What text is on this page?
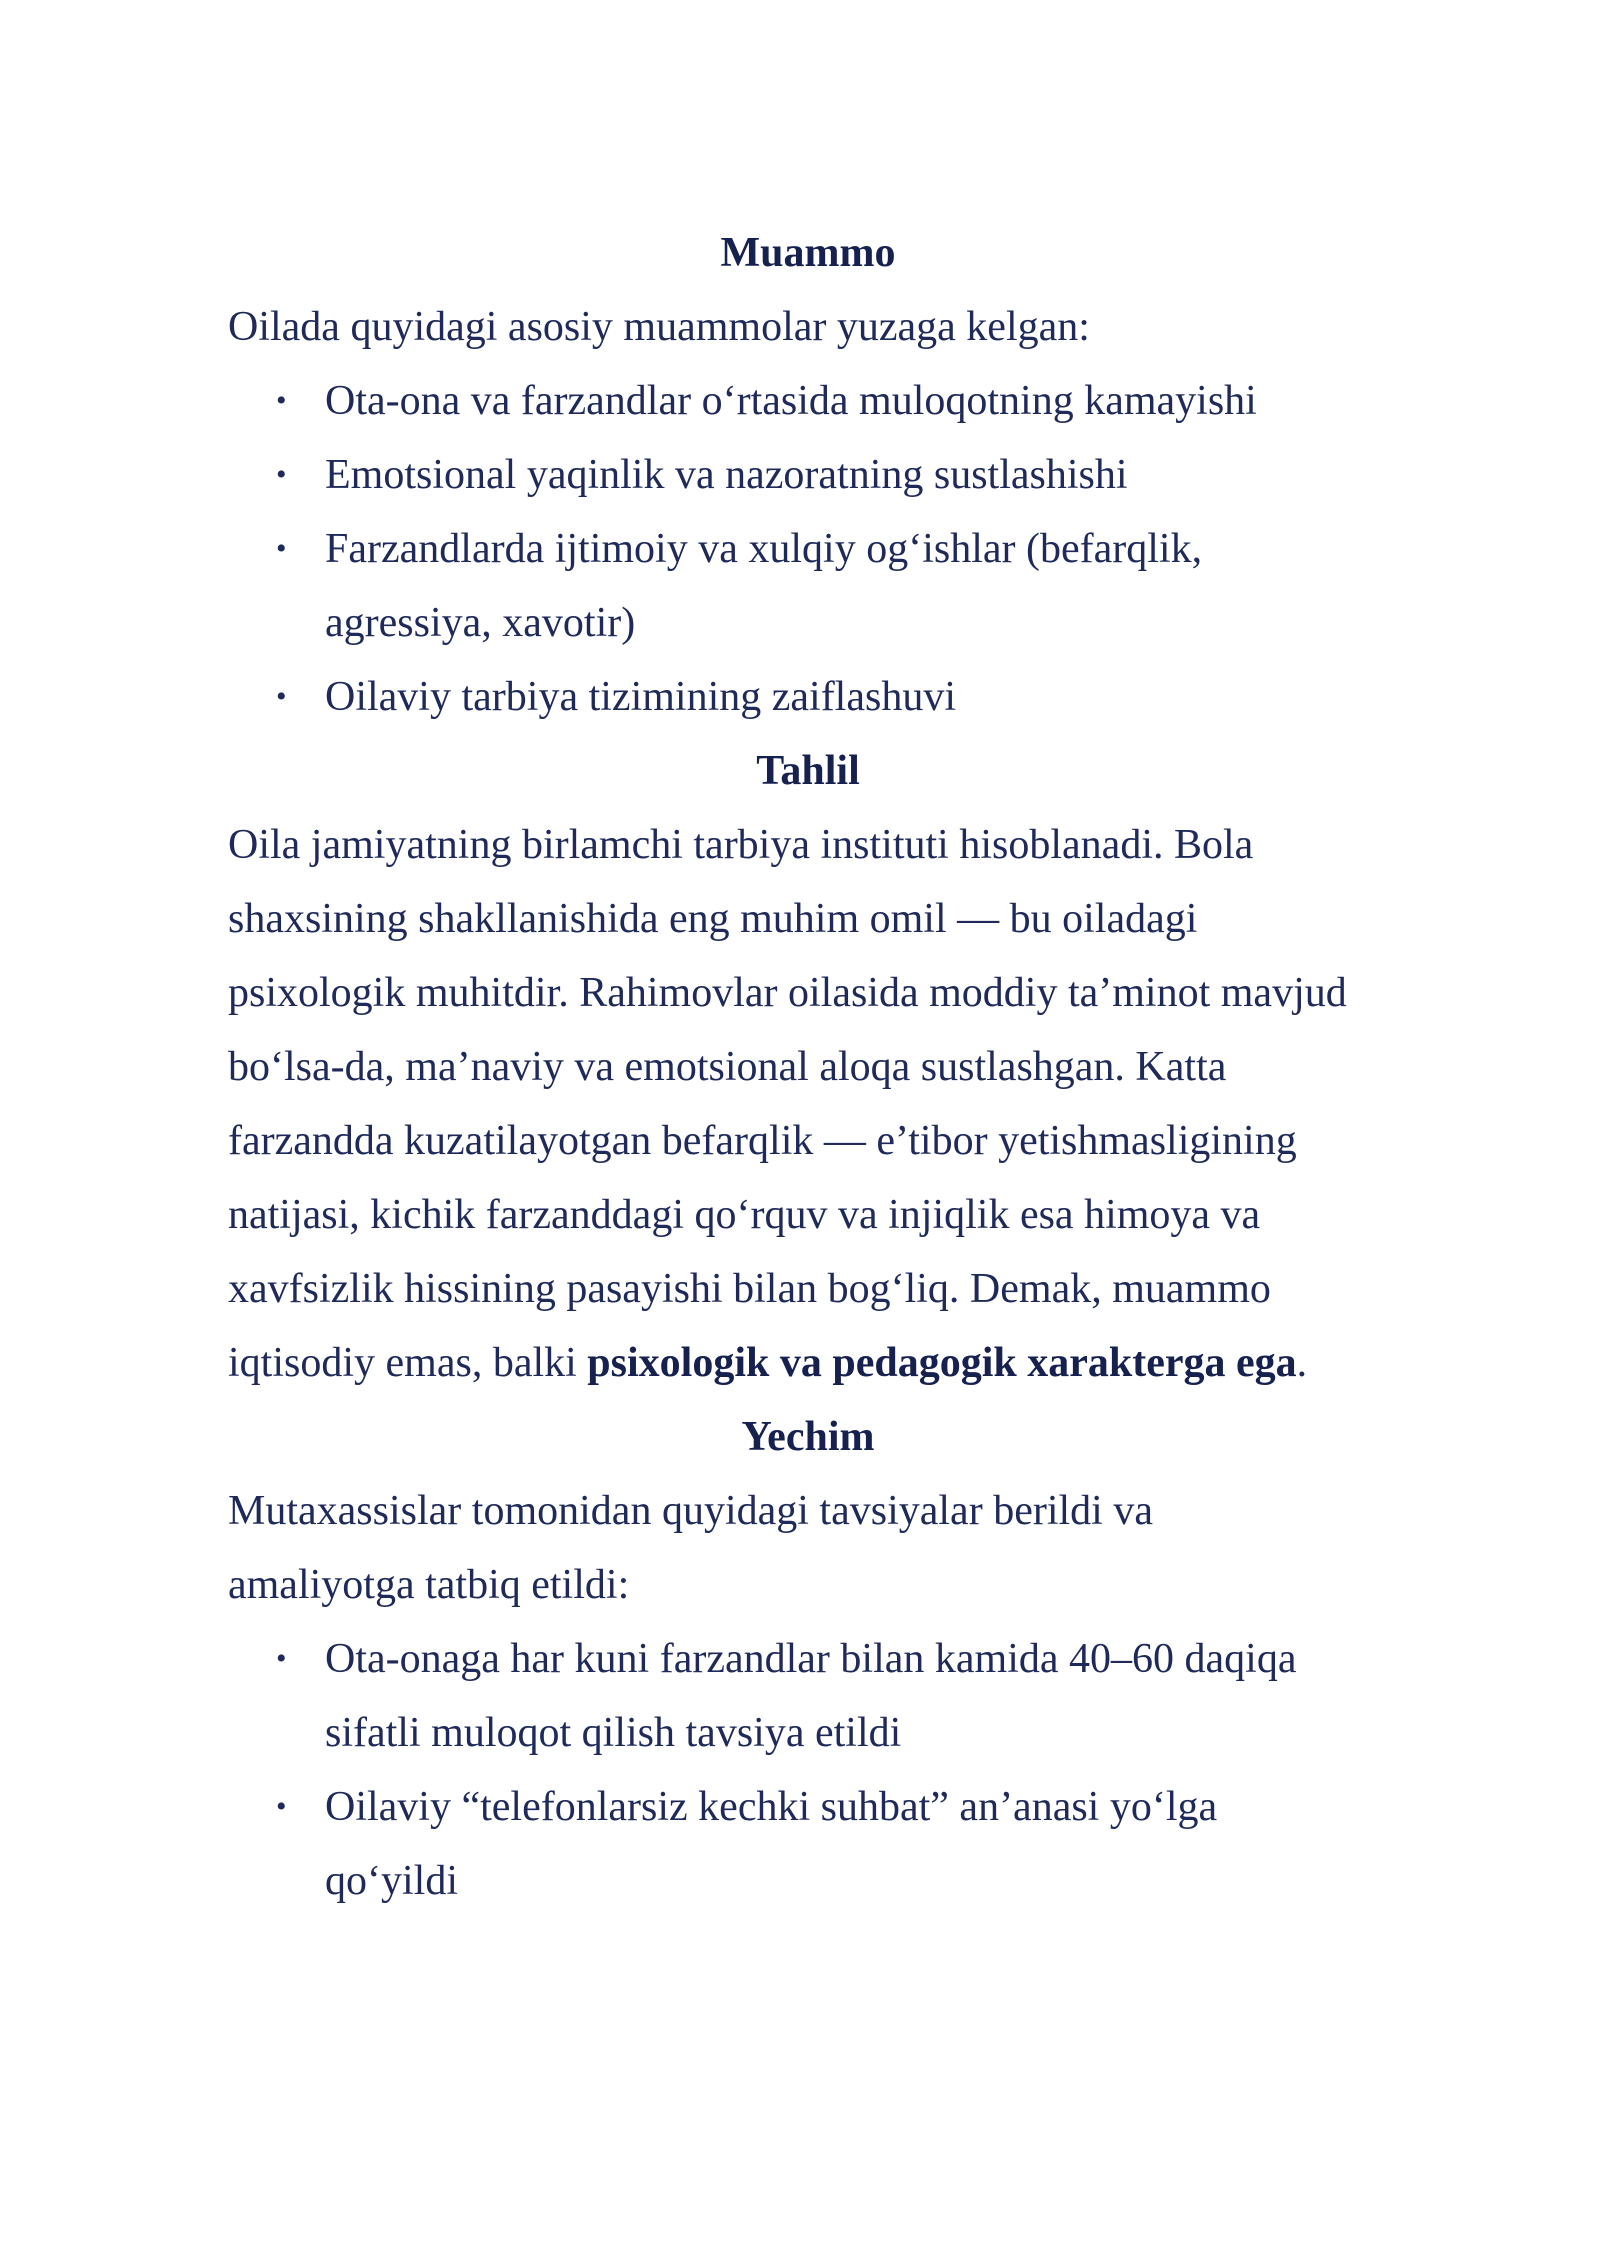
Muammo

Oilada quyidagi asosiy muammolar yuzaga kelgan:

• Ota-ona va farzandlar o‘rtasida muloqotning kamayishi
• Emotsional yaqinlik va nazoratning sustlashishi
• Farzandlarda ijtimoiy va xulqiy og‘ishlar (befarqlik, agressiya, xavotir)
• Oilaviy tarbiya tizimining zaiflashuvi
Tahlil

Oila jamiyatning birlamchi tarbiya instituti hisoblanadi. Bola shaxsining shakllanishida eng muhim omil — bu oiladagi psixologik muhitdir. Rahimovlar oilasida moddiy ta’minot mavjud bo‘lsa-da, ma’naviy va emotsional aloqa sustlashgan. Katta farzandda kuzatilayotgan befarqlik — e’tibor yetishmasligining natijasi, kichik farzanddagi qo‘rquv va injiqlik esa himoya va xavfsizlik hissining pasayishi bilan bog‘liq. Demak, muammo iqtisodiy emas, balki psixologik va pedagogik xarakterga ega.

Yechim

Mutaxassislar tomonidan quyidagi tavsiyalar berildi va amaliyotga tatbiq etildi:

• Ota-onaga har kuni farzandlar bilan kamida 40–60 daqiqa sifatli muloqot qilish tavsiya etildi
• Oilaviy “telefonlarsiz kechki suhbat” an’anasi yo‘lga qo‘yildi
